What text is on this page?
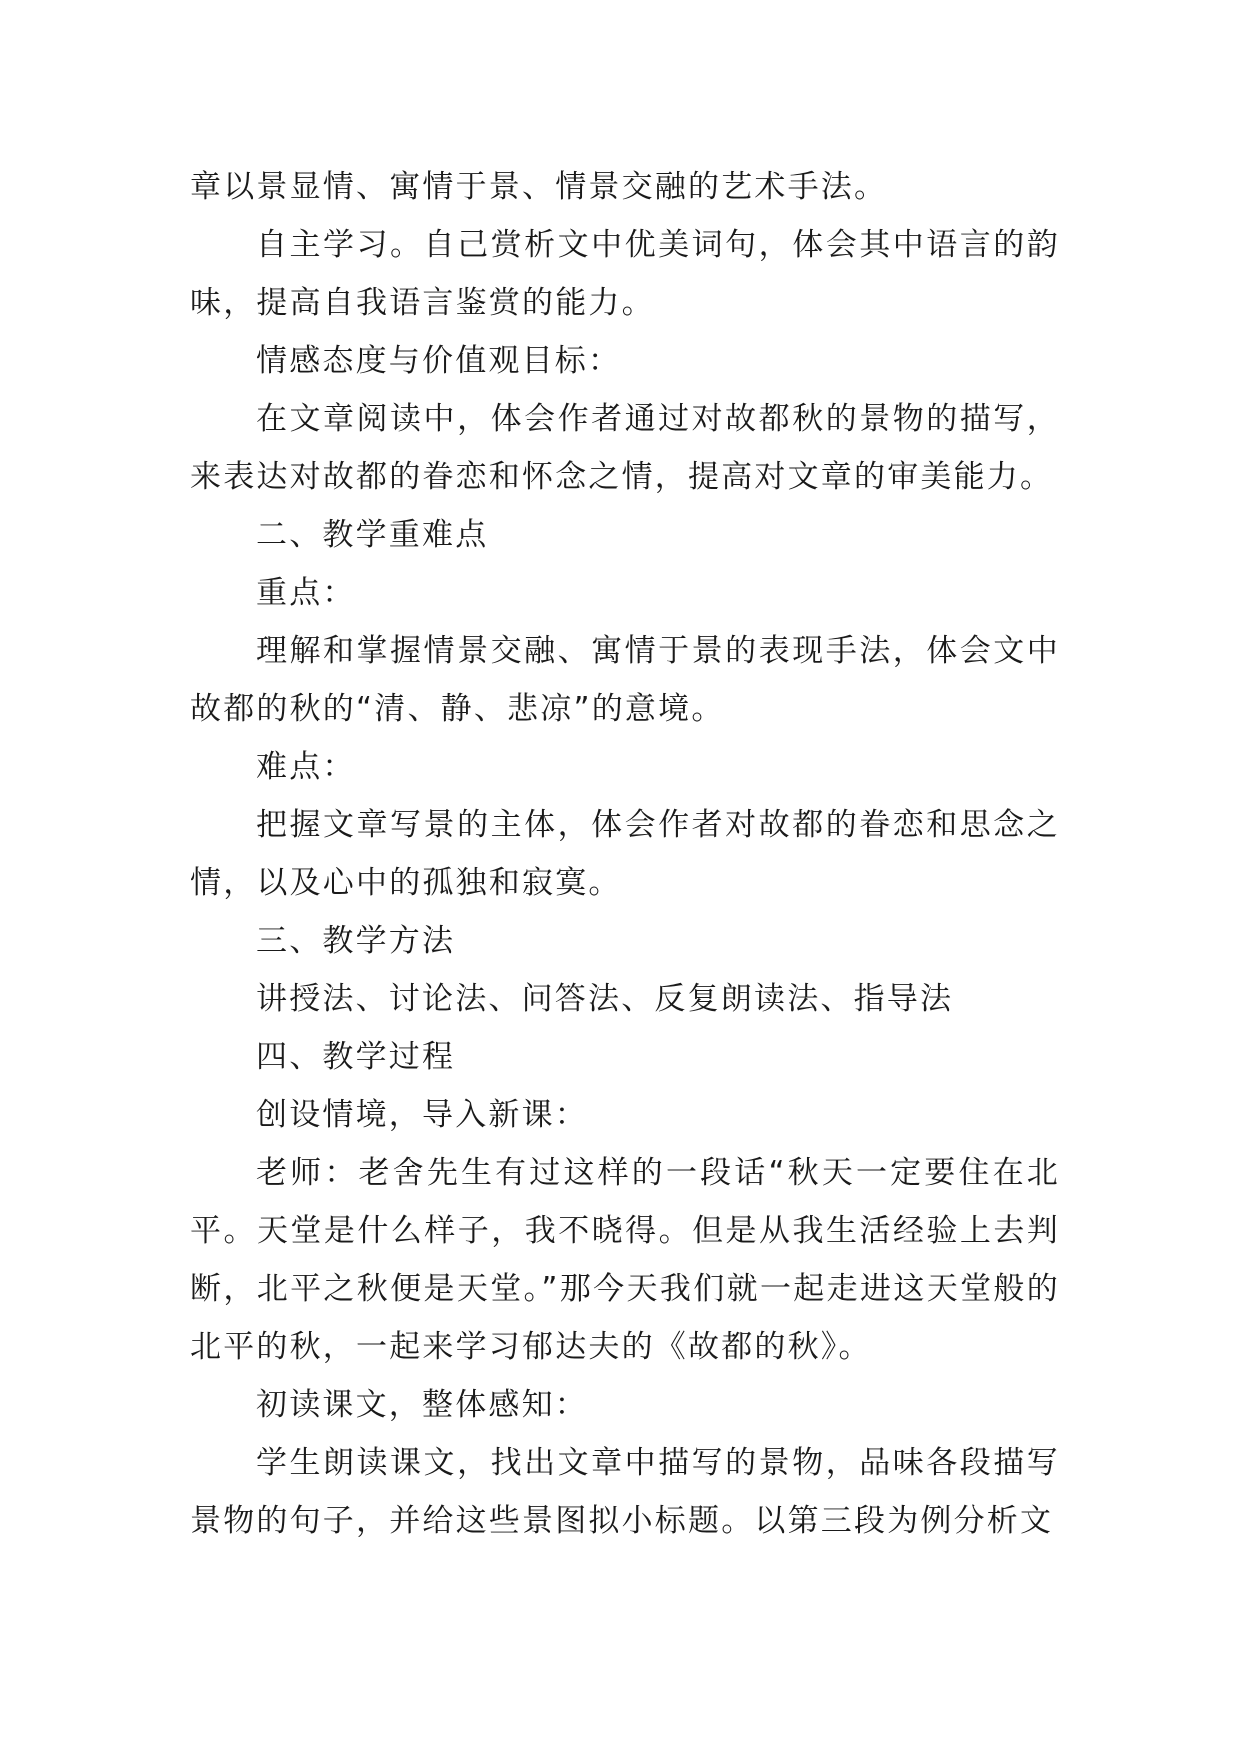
章以景显情、寓情于景、情景交融的艺术手法。

自主学习。自己赏析文中优美词句，体会其中语言的韵味，提高自我语言鉴赏的能力。

情感态度与价值观目标：

在文章阅读中，体会作者通过对故都秋的景物的描写，来表达对故都的眷恋和怀念之情，提高对文章的审美能力。

二、教学重难点

重点：

理解和掌握情景交融、寓情于景的表现手法，体会文中故都的秋的“清、静、悲凉”的意境。

难点：

把握文章写景的主体，体会作者对故都的眷恋和思念之情，以及心中的孤独和寂寞。

三、教学方法

讲授法、讨论法、问答法、反复朗读法、指导法

四、教学过程

创设情境，导入新课：

老师：老舍先生有过这样的一段话“秋天一定要住在北平。天堂是什么样子，我不晓得。但是从我生活经验上去判断，北平之秋便是天堂。”那今天我们就一起走进这天堂般的北平的秋，一起来学习郁达夫的《故都的秋》。

初读课文，整体感知：

学生朗读课文，找出文章中描写的景物，品味各段描写景物的句子，并给这些景图拟小标题。以第三段为例分析文
